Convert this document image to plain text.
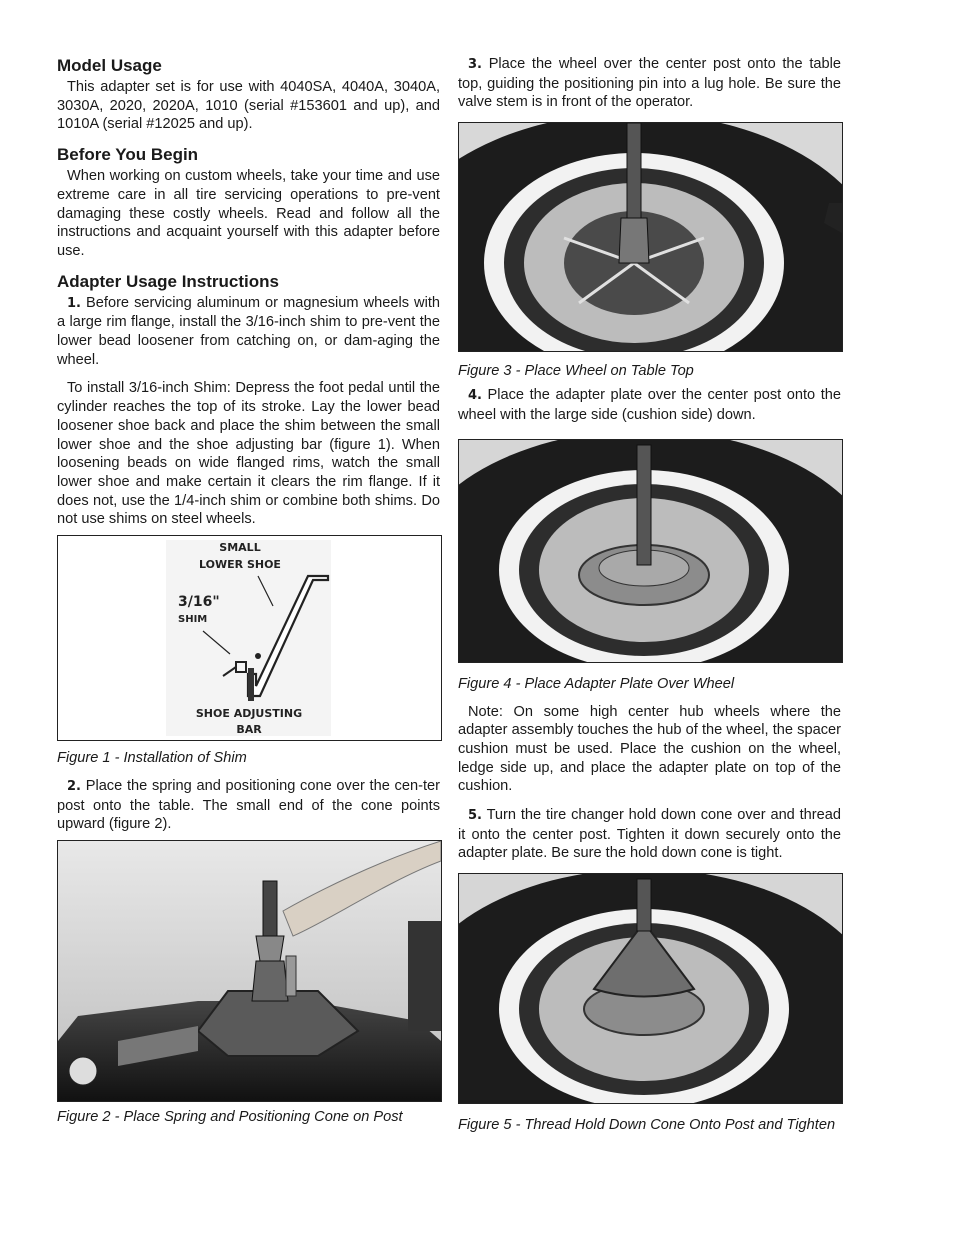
Model Usage

This adapter set is for use with 4040SA, 4040A, 3040A, 3030A, 2020, 2020A, 1010 (serial #153601 and up), and 1010A (serial #12025 and up).

Before You Begin

When working on custom wheels, take your time and use extreme care in all tire servicing operations to pre-vent damaging these costly wheels. Read and follow all the instructions and acquaint yourself with this adapter before use.

Adapter Usage Instructions

1. Before servicing aluminum or magnesium wheels with a large rim flange, install the 3/16-inch shim to pre-vent the lower bead loosener from catching on, or dam-aging the wheel.

To install 3/16-inch Shim: Depress the foot pedal until the cylinder reaches the top of its stroke. Lay the lower bead loosener shoe back and place the shim between the small lower shoe and the shoe adjusting bar (figure 1). When loosening beads on wide flanged rims, watch the small lower shoe and make certain it clears the rim flange. If it does not, use the 1/4-inch shim or combine both shims. Do not use shims on steel wheels.

SMALL
LOWER SHOE
3/16"
SHIM
SHOE ADJUSTING
BAR

Figure 1 - Installation of Shim

2. Place the spring and positioning cone over the cen-ter post onto the table. The small end of the cone points upward (figure 2).

Figure 2 - Place Spring and Positioning Cone on Post

3. Place the wheel over the center post onto the table top, guiding the positioning pin into a lug hole. Be sure the valve stem is in front of the operator.

Figure 3 - Place Wheel on Table Top

4. Place the adapter plate over the center post onto the wheel with the large side (cushion side) down.

Figure 4 - Place Adapter Plate Over Wheel

Note: On some high center hub wheels where the adapter assembly touches the hub of the wheel, the spacer cushion must be used. Place the cushion on the wheel, ledge side up, and place the adapter plate on top of the cushion.

5. Turn the tire changer hold down cone over and thread it onto the center post. Tighten it down securely onto the adapter plate. Be sure the hold down cone is tight.

Figure 5 - Thread Hold Down Cone Onto Post and Tighten
